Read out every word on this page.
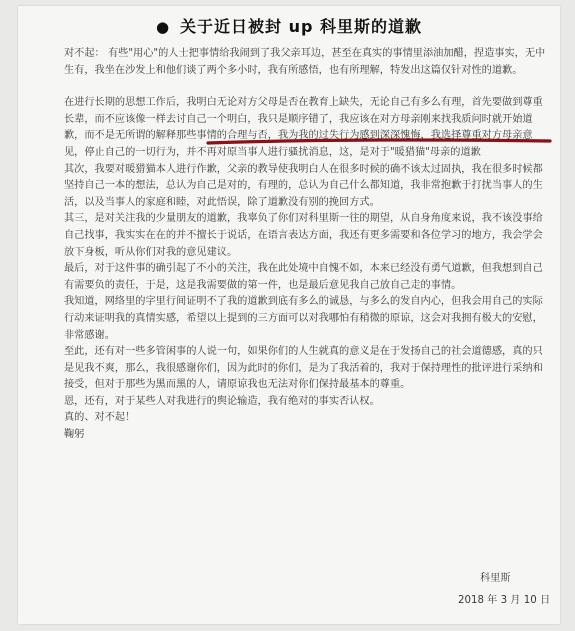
● 关于近日被封 up 科里斯的道歉
对不起： 有些"用心"的人士把事情给我闹到了我父亲耳边，甚至在真实的事情里添油加醋，捏造事实，无中生有，我坐在沙发上和他们谈了两个多小时，我有所感悟，也有所理解，特发出这篇仅针对性的道歉。
在进行长期的思想工作后，我明白无论对方父母是否在教育上缺失，无论自己有多么有理，首先要做到尊重长辈，而不应该像一样去讨自己一个明白，我只是顺序错了，我应该在对方母亲刚来找我质问时就开始道歉，而不是无所谓的解释那些事情的合理与否，我为我的过失行为感到深深愧悔，我选择尊重对方母亲意见，停止自己的一切行为，并不再对原当事人进行骚扰消息，这，是对于"暖猎猫"母亲的道歉
其次，我要对暖猎猫本人进行作歉，父亲的教导使我明白人在很多时候的确不该太过固执，我在很多时候都坚持自己一本的想法，总认为自己是对的，有理的，总认为自己什么都知道，我非常抱歉于打扰当事人的生活，以及当事人的家庭和睦，对此悟误，除了道歉没有别的挽回方式。
其三，是对关注我的少量朋友的道歉，我辜负了你们对科里斯一往的期望，从自身角度来说，我不该没事给自己找事，我实实在在的并不擅长于说话，在语言表达方面，我还有更多需要和各位学习的地方，我会学会放下身板，听从你们对我的意见建议。
最后，对于这件事的确引起了不小的关注，我在此处境中自愧不如，本来已经没有勇气道歉，但我想到自己有需要负的责任，于是，这是我需要做的第一件，也是最后意见我自己放自己走的事情。
我知道，网络里的字里行间证明不了我的道歉到底有多么的诚恳，与多么的发自内心，但我会用自己的实际行动来证明我的真情实感，希望以上提到的三方面可以对我哪怕有稍微的原谅，这会对我拥有极大的安慰，非常感谢。
至此，还有对一些多管闲事的人说一句，如果你们的人生就真的意义是在于发扬自己的社会道德感，真的只是见我不爽，那么，我很感谢你们，因为此时的你们，是为了我活着的，我对于保持理性的批评进行采纳和接受，但对于那些为黑而黑的人，请原谅我也无法对你们保持最基本的尊重。
恩，还有，对于某些人对我进行的舆论输造，我有绝对的事实否认权。
真的、对不起！
鞠躬
科里斯
2018 年 3 月 10 日
